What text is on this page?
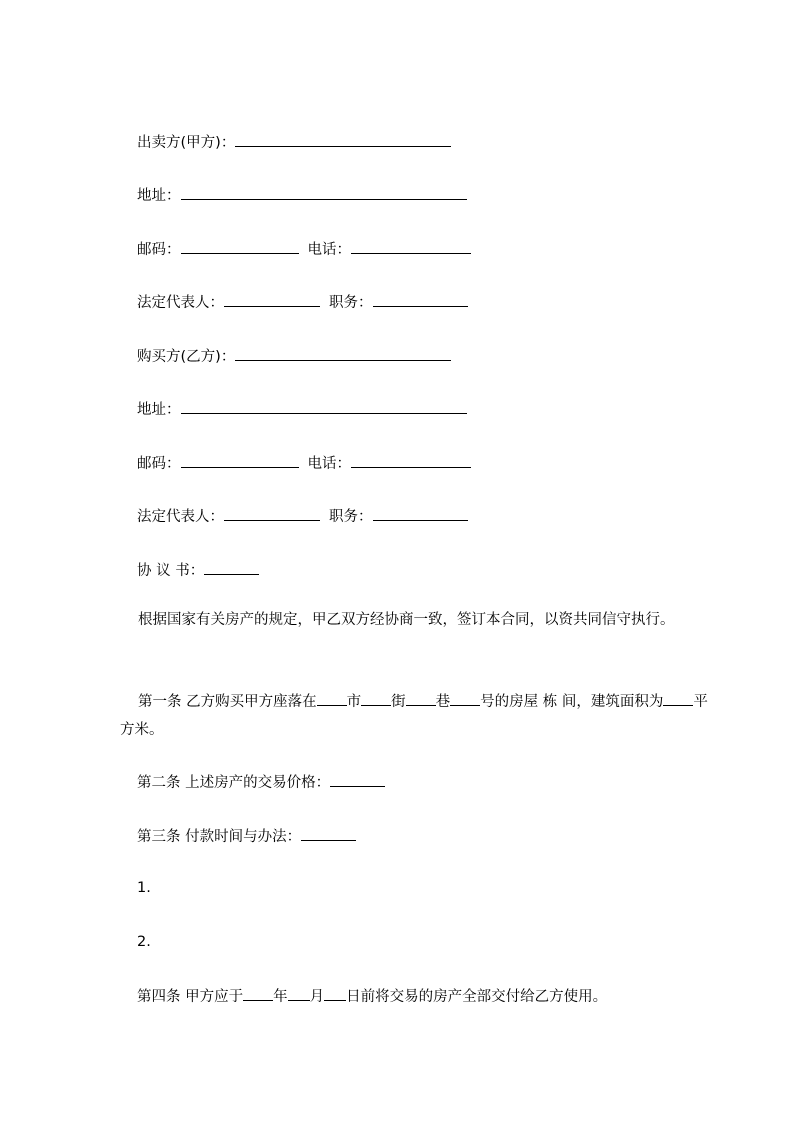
出卖方(甲方)：
地址：
邮码：	电话：
法定代表人：	职务：
购买方(乙方)：
地址：
邮码：	电话：
法定代表人：	职务：
协 议 书：
根据国家有关房产的规定，甲乙双方经协商一致，签订本合同，以资共同信守执行。
第一条 乙方购买甲方座落在 市 街 巷 号的房屋 栋 间，建筑面积为 平方米。
第二条 上述房产的交易价格：
第三条 付款时间与办法：
1.
2.
第四条 甲方应于 年 月 日前将交易的房产全部交付给乙方使用。
